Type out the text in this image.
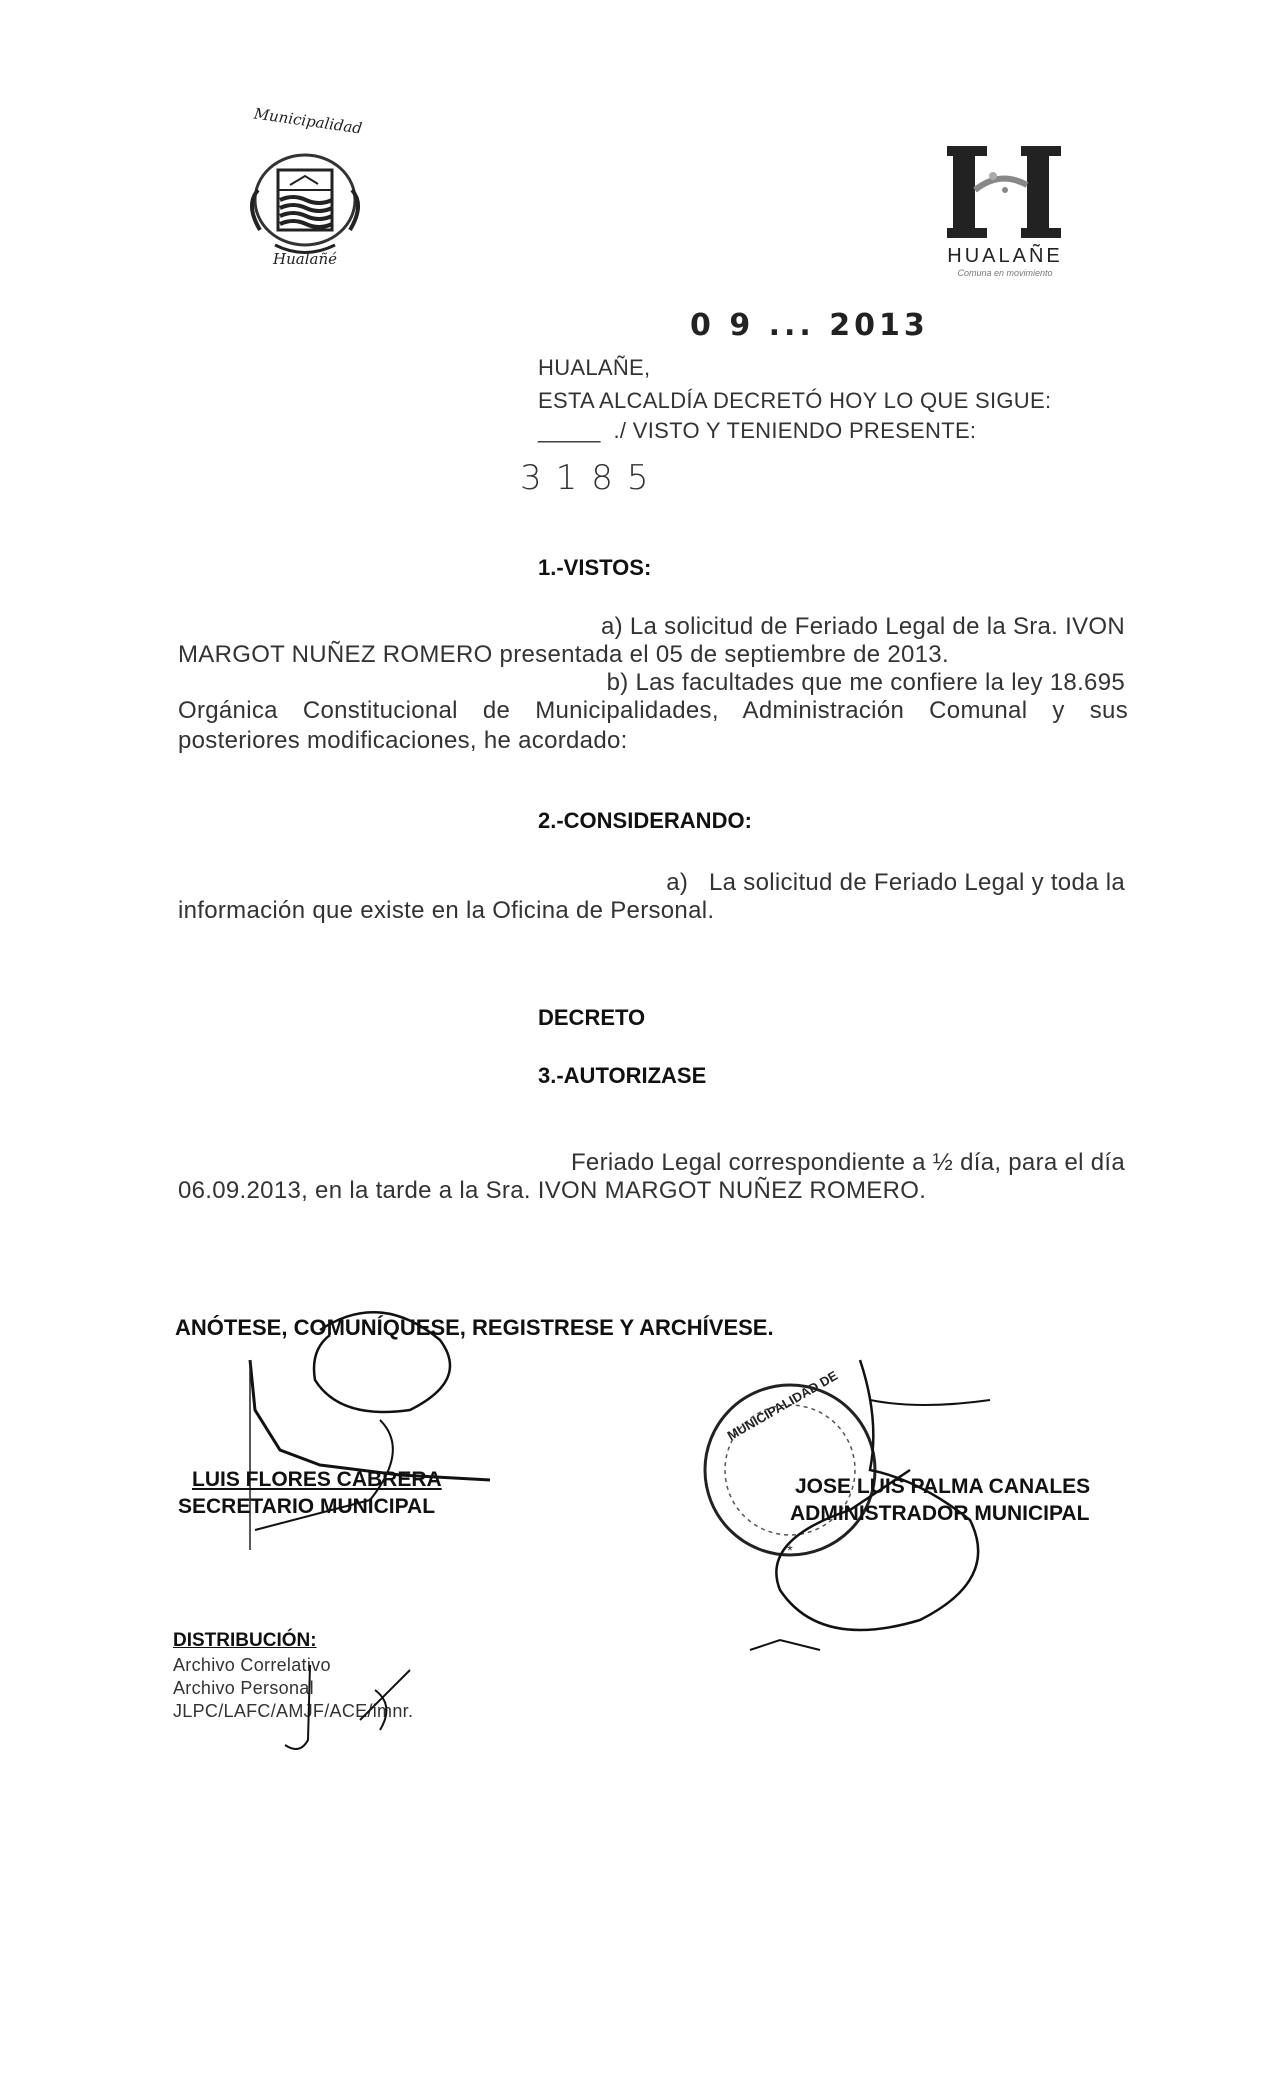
Municipalidad
Hualañé	HUALAÑE
Comuna en movimiento
0 9 ... 2013
HUALAÑE,
ESTA ALCALDÍA DECRETÓ HOY LO QUE SIGUE:
_____  ./ VISTO Y TENIENDO PRESENTE:
3185
1.-VISTOS:
a) La solicitud de Feriado Legal de la Sra. IVON
MARGOT NUÑEZ ROMERO presentada el 05 de septiembre de 2013.
b) Las facultades que me confiere la ley 18.695
Orgánica Constitucional de Municipalidades, Administración Comunal y sus posteriores modificaciones, he acordado:
2.-CONSIDERANDO:
a)   La solicitud de Feriado Legal y toda la
información que existe en la Oficina de Personal.
DECRETO
3.-AUTORIZASE
Feriado Legal correspondiente a ½ día, para el día
06.09.2013, en la tarde a la Sra. IVON MARGOT NUÑEZ ROMERO.
ANÓTESE, COMUNÍQUESE, REGISTRESE Y ARCHÍVESE.
*
MUNICIPALIDAD DE
LUIS FLORES CABRERA
SECRETARIO MUNICIPAL
JOSE LUIS PALMA CANALES
ADMINISTRADOR MUNICIPAL
DISTRIBUCIÓN:
Archivo Correlativo
Archivo Personal
JLPC/LAFC/AMJF/ACE/imnr.
